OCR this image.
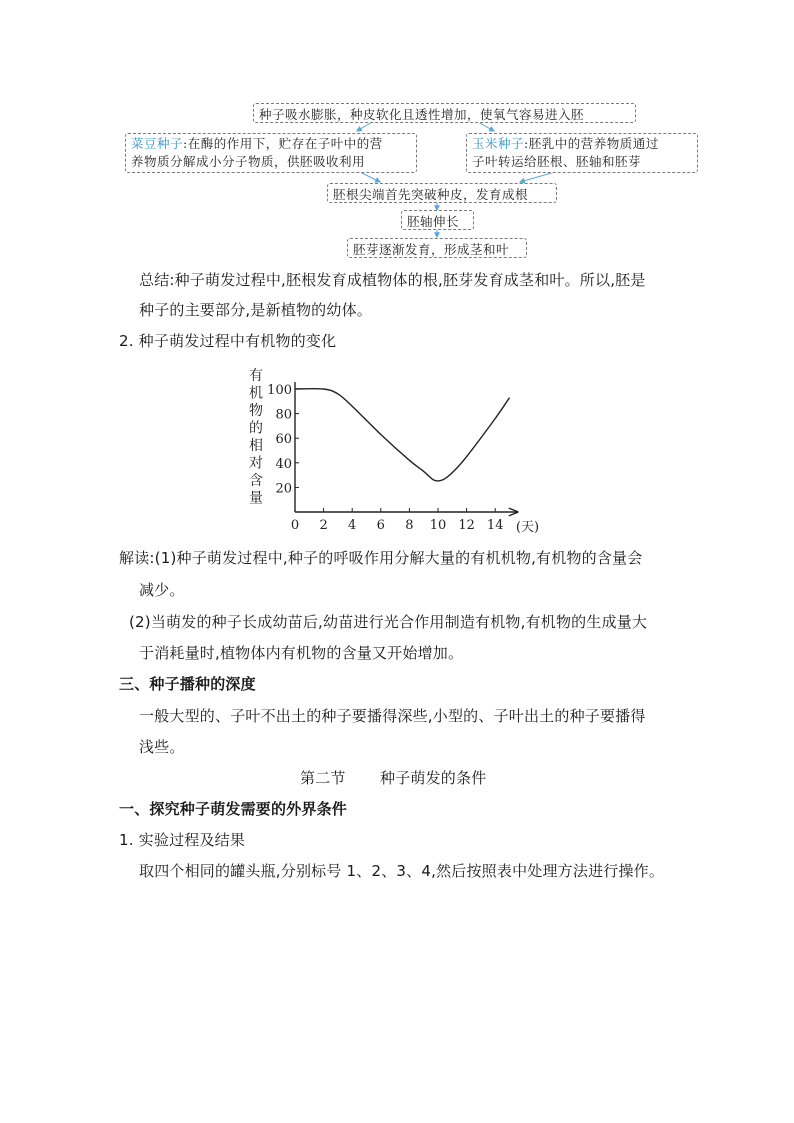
种子吸水膨胀，种皮软化且透性增加，使氧气容易进入胚
菜豆种子:在酶的作用下，贮存在子叶中的营
养物质分解成小分子物质，供胚吸收利用
玉米种子:胚乳中的营养物质通过
子叶转运给胚根、胚轴和胚芽
胚根尖端首先突破种皮，发育成根
胚轴伸长
胚芽逐渐发育，形成茎和叶
总结:种子萌发过程中,胚根发育成植物体的根,胚芽发育成茎和叶。所以,胚是
种子的主要部分,是新植物的幼体。
2. 种子萌发过程中有机物的变化
0 2 4 6 8 10 12 14 (天)
20
40
60
80
100
有
机
物
的
相
对
含
量
解读:(1)种子萌发过程中,种子的呼吸作用分解大量的有机机物,有机物的含量会
减少。
(2)当萌发的种子长成幼苗后,幼苗进行光合作用制造有机物,有机物的生成量大
于消耗量时,植物体内有机物的含量又开始增加。
三、种子播种的深度
一般大型的、子叶不出土的种子要播得深些,小型的、子叶出土的种子要播得
浅些。
第二节 种子萌发的条件
一、探究种子萌发需要的外界条件
1. 实验过程及结果
取四个相同的罐头瓶,分别标号 1、2、3、4,然后按照表中处理方法进行操作。
